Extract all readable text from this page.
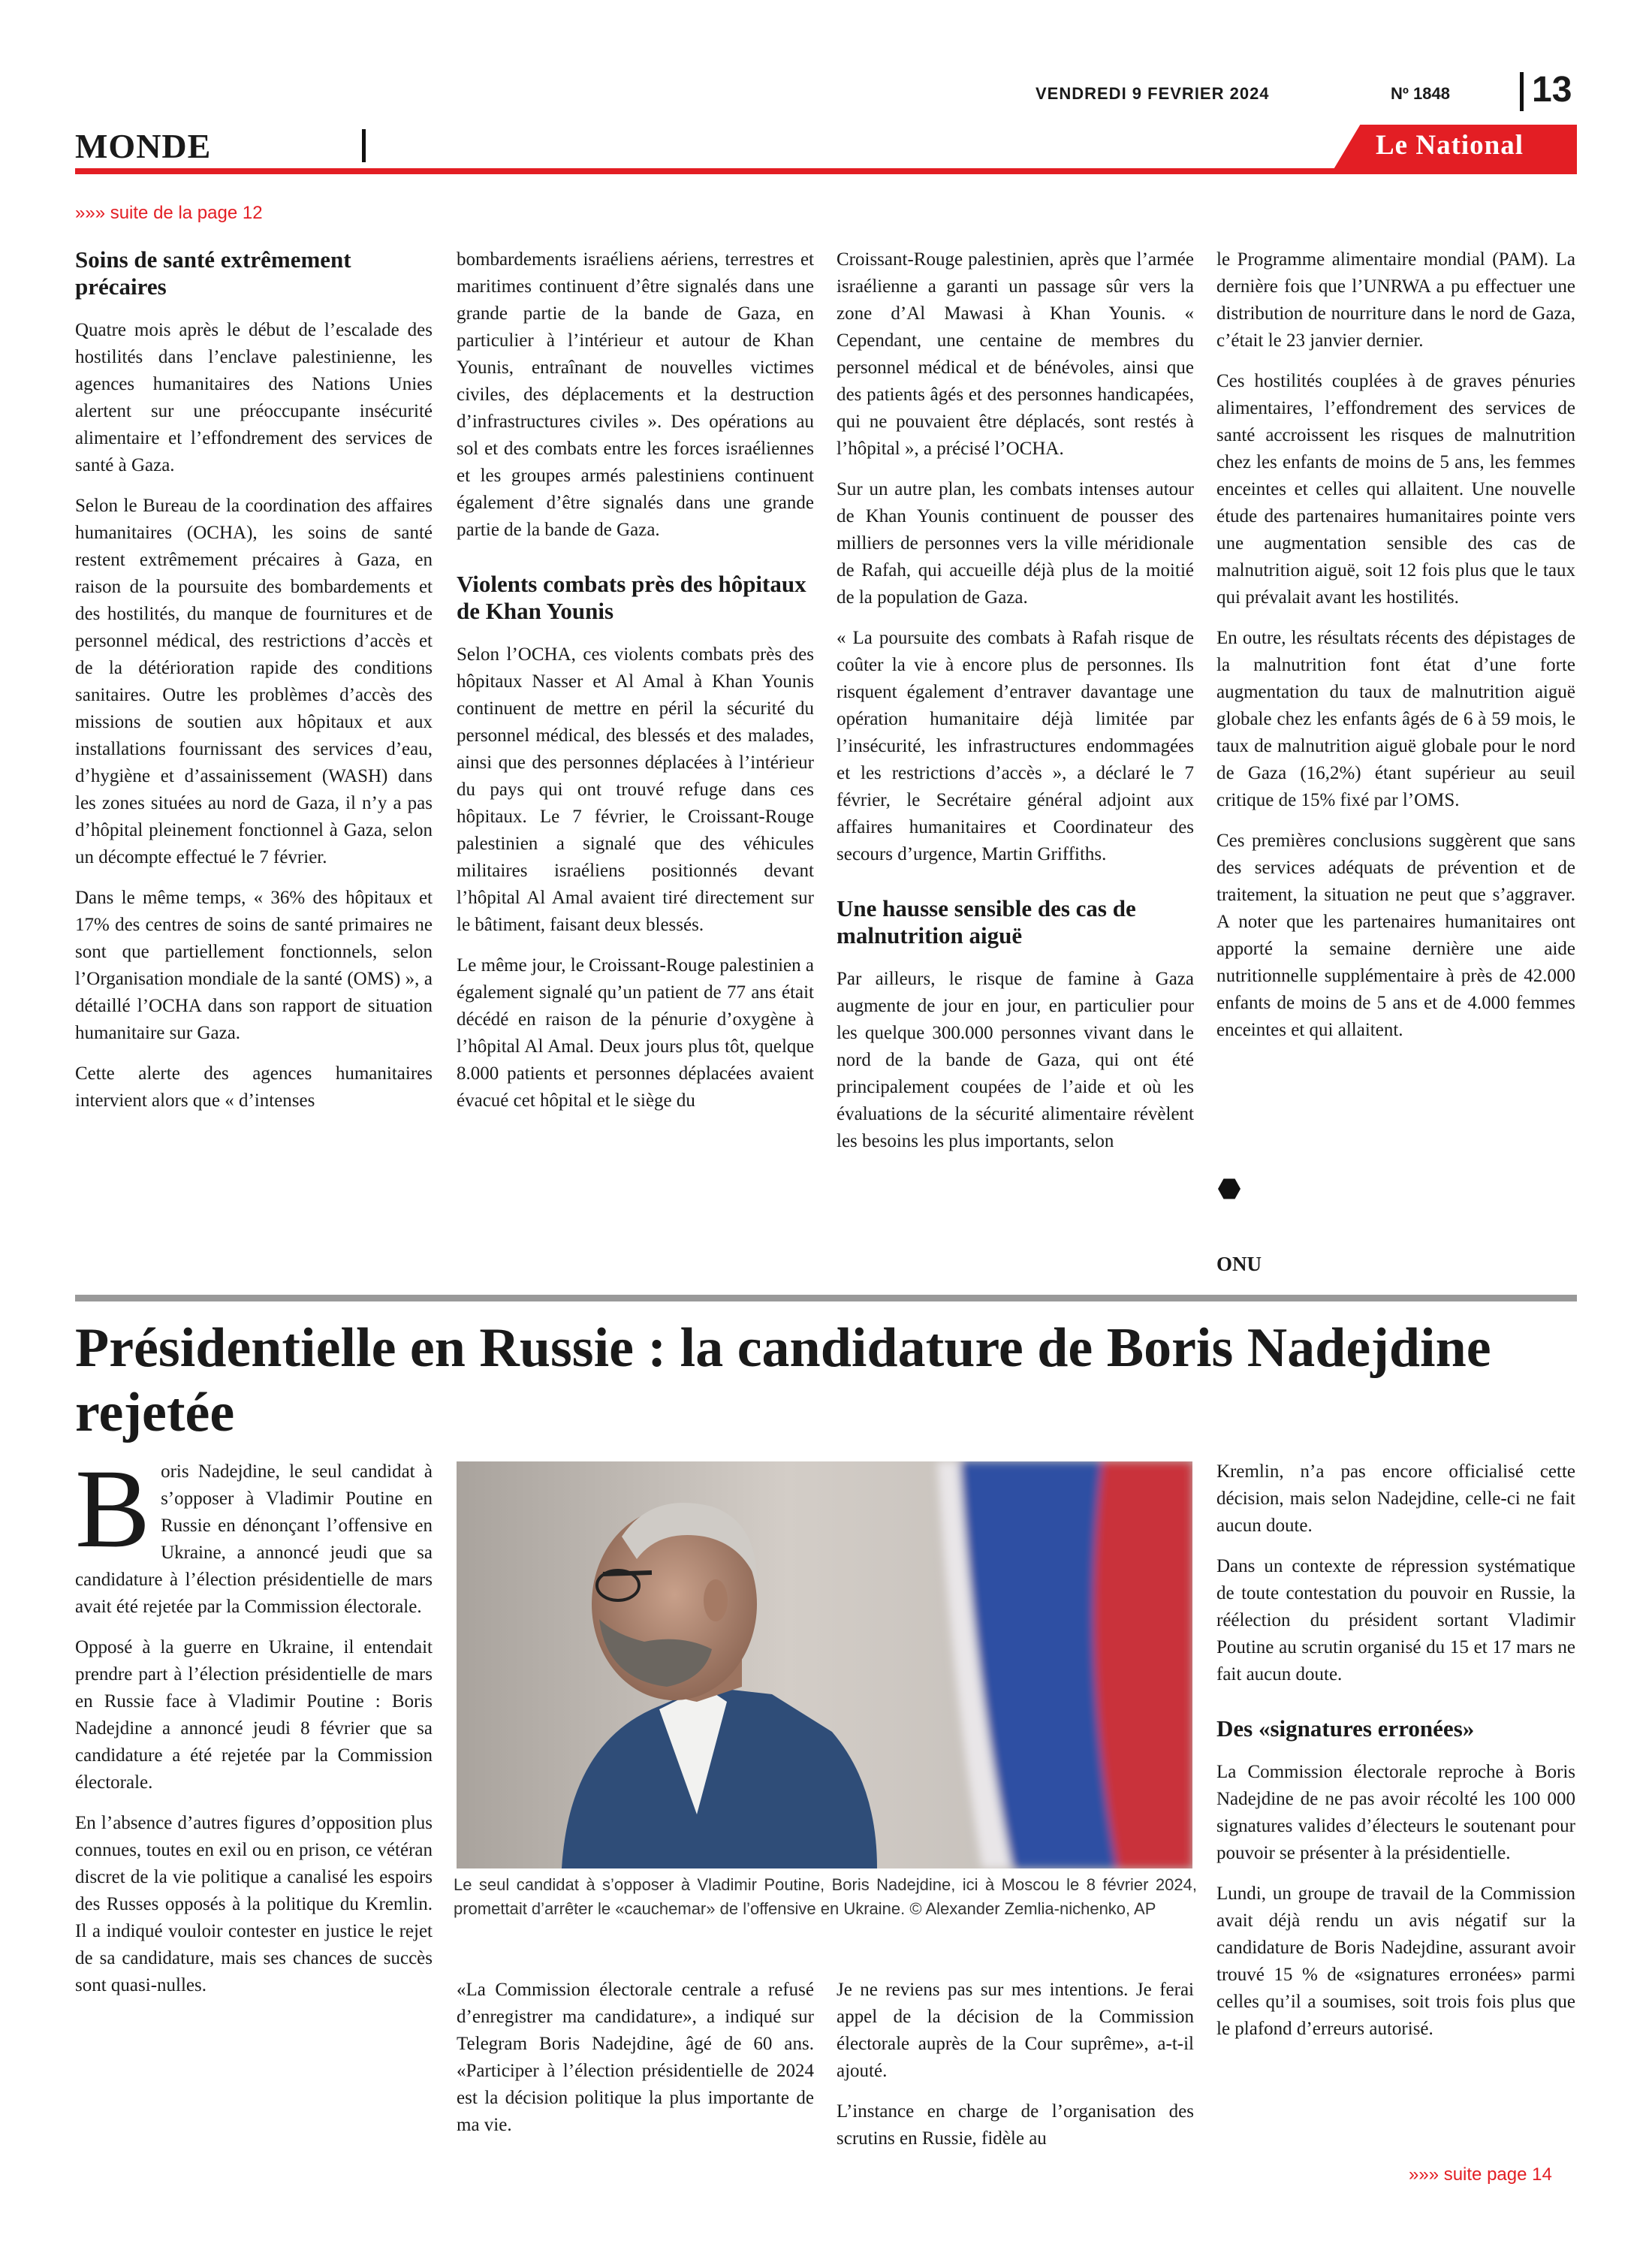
VENDREDI 9 FEVRIER 2024	Nº 1848 13
MONDE	Le National
»»» suite de la page 12
Soins de santé extrêmement précaires

Quatre mois après le début de l’escalade des hostilités dans l’enclave palestinienne, les agences humanitaires des Nations Unies alertent sur une préoccupante insécurité alimentaire et l’effondrement des services de santé à Gaza.

Selon le Bureau de la coordination des affaires humanitaires (OCHA), les soins de santé restent extrêmement précaires à Gaza, en raison de la poursuite des bombardements et des hostilités, du manque de fournitures et de personnel médical, des restrictions d’accès et de la détérioration rapide des conditions sanitaires. Outre les problèmes d’accès des missions de soutien aux hôpitaux et aux installations fournissant des services d’eau, d’hygiène et d’assainissement (WASH) dans les zones situées au nord de Gaza, il n’y a pas d’hôpital pleinement fonctionnel à Gaza, selon un décompte effectué le 7 février.

Dans le même temps, « 36% des hôpitaux et 17% des centres de soins de santé primaires ne sont que partiellement fonctionnels, selon l’Organisation mondiale de la santé (OMS) », a détaillé l’OCHA dans son rapport de situation humanitaire sur Gaza.

Cette alerte des agences humanitaires intervient alors que « d’intenses

bombardements israéliens aériens, terrestres et maritimes continuent d’être signalés dans une grande partie de la bande de Gaza, en particulier à l’intérieur et autour de Khan Younis, entraînant de nouvelles victimes civiles, des déplacements et la destruction d’infrastructures civiles ». Des opérations au sol et des combats entre les forces israéliennes et les groupes armés palestiniens continuent également d’être signalés dans une grande partie de la bande de Gaza.

Violents combats près des hôpitaux de Khan Younis

Selon l’OCHA, ces violents combats près des hôpitaux Nasser et Al Amal à Khan Younis continuent de mettre en péril la sécurité du personnel médical, des blessés et des malades, ainsi que des personnes déplacées à l’intérieur du pays qui ont trouvé refuge dans ces hôpitaux. Le 7 février, le Croissant-Rouge palestinien a signalé que des véhicules militaires israéliens positionnés devant l’hôpital Al Amal avaient tiré directement sur le bâtiment, faisant deux blessés.

Le même jour, le Croissant-Rouge palestinien a également signalé qu’un patient de 77 ans était décédé en raison de la pénurie d’oxygène à l’hôpital Al Amal. Deux jours plus tôt, quelque 8.000 patients et personnes déplacées avaient évacué cet hôpital et le siège du

Croissant-Rouge palestinien, après que l’armée israélienne a garanti un passage sûr vers la zone d’Al Mawasi à Khan Younis. « Cependant, une centaine de membres du personnel médical et de bénévoles, ainsi que des patients âgés et des personnes handicapées, qui ne pouvaient être déplacés, sont restés à l’hôpital », a précisé l’OCHA.

Sur un autre plan, les combats intenses autour de Khan Younis continuent de pousser des milliers de personnes vers la ville méridionale de Rafah, qui accueille déjà plus de la moitié de la population de Gaza.

« La poursuite des combats à Rafah risque de coûter la vie à encore plus de personnes. Ils risquent également d’entraver davantage une opération humanitaire déjà limitée par l’insécurité, les infrastructures endommagées et les restrictions d’accès », a déclaré le 7 février, le Secrétaire général adjoint aux affaires humanitaires et Coordinateur des secours d’urgence, Martin Griffiths.

Une hausse sensible des cas de malnutrition aiguë

Par ailleurs, le risque de famine à Gaza augmente de jour en jour, en particulier pour les quelque 300.000 personnes vivant dans le nord de la bande de Gaza, qui ont été principalement coupées de l’aide et où les évaluations de la sécurité alimentaire révèlent les besoins les plus importants, selon

le Programme alimentaire mondial (PAM). La dernière fois que l’UNRWA a pu effectuer une distribution de nourriture dans le nord de Gaza, c’était le 23 janvier dernier.

Ces hostilités couplées à de graves pénuries alimentaires, l’effondrement des services de santé accroissent les risques de malnutrition chez les enfants de moins de 5 ans, les femmes enceintes et celles qui allaitent. Une nouvelle étude des partenaires humanitaires pointe vers une augmentation sensible des cas de malnutrition aiguë, soit 12 fois plus que le taux qui prévalait avant les hostilités.

En outre, les résultats récents des dépistages de la malnutrition font état d’une forte augmentation du taux de malnutrition aiguë globale chez les enfants âgés de 6 à 59 mois, le taux de malnutrition aiguë globale pour le nord de Gaza (16,2%) étant supérieur au seuil critique de 15% fixé par l’OMS.

Ces premières conclusions suggèrent que sans des services adéquats de prévention et de traitement, la situation ne peut que s’aggraver. A noter que les partenaires humanitaires ont apporté la semaine dernière une aide nutritionnelle supplémentaire à près de 42.000 enfants de moins de 5 ans et de 4.000 femmes enceintes et qui allaitent.

ONU
Présidentielle en Russie : la candidature de Boris Nadejdine rejetée

Boris Nadejdine, le seul candidat à s’opposer à Vladimir Poutine en Russie en dénonçant l’offensive en Ukraine, a annoncé jeudi que sa candidature à l’élection présidentielle de mars avait été rejetée par la Commission électorale.

Opposé à la guerre en Ukraine, il entendait prendre part à l’élection présidentielle de mars en Russie face à Vladimir Poutine : Boris Nadejdine a annoncé jeudi 8 février que sa candidature a été rejetée par la Commission électorale.

En l’absence d’autres figures d’opposition plus connues, toutes en exil ou en prison, ce vétéran discret de la vie politique a canalisé les espoirs des Russes opposés à la politique du Kremlin. Il a indiqué vouloir contester en justice le rejet de sa candidature, mais ses chances de succès sont quasi-nulles.

Le seul candidat à s’opposer à Vladimir Poutine, Boris Nadejdine, ici à Moscou le 8 février 2024, promettait d’arrêter le «cauchemar» de l’offensive en Ukraine. © Alexander Zemlia-nichenko, AP

«La Commission électorale centrale a refusé d’enregistrer ma candidature», a indiqué sur Telegram Boris Nadejdine, âgé de 60 ans. «Participer à l’élection présidentielle de 2024 est la décision politique la plus importante de ma vie.

Je ne reviens pas sur mes intentions. Je ferai appel de la décision de la Commission électorale auprès de la Cour suprême», a-t-il ajouté.

L’instance en charge de l’organisation des scrutins en Russie, fidèle au

Kremlin, n’a pas encore officialisé cette décision, mais selon Nadejdine, celle-ci ne fait aucun doute.

Dans un contexte de répression systématique de toute contestation du pouvoir en Russie, la réélection du président sortant Vladimir Poutine au scrutin organisé du 15 et 17 mars ne fait aucun doute.

Des «signatures erronées»

La Commission électorale reproche à Boris Nadejdine de ne pas avoir récolté les 100 000 signatures valides d’électeurs le soutenant pour pouvoir se présenter à la présidentielle.

Lundi, un groupe de travail de la Commission avait déjà rendu un avis négatif sur la candidature de Boris Nadejdine, assurant avoir trouvé 15 % de «signatures erronées» parmi celles qu’il a soumises, soit trois fois plus que le plafond d’erreurs autorisé.

»»» suite page 14
